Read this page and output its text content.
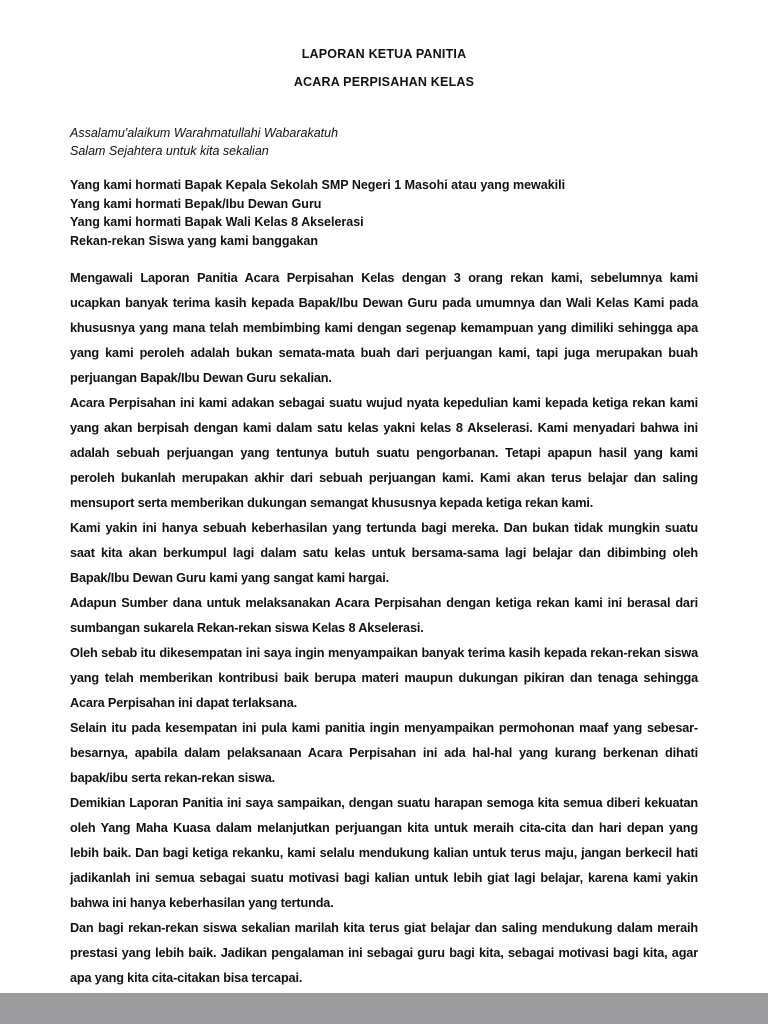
LAPORAN KETUA PANITIA
ACARA PERPISAHAN KELAS

Assalamu'alaikum Warahmatullahi Wabarakatuh

Salam Sejahtera untuk kita sekalian

Yang kami hormati Bapak Kepala Sekolah SMP Negeri 1 Masohi atau yang mewakili

Yang kami hormati Bepak/Ibu Dewan Guru

Yang kami hormati Bapak Wali Kelas 8 Akselerasi

Rekan-rekan Siswa yang kami banggakan

Mengawali Laporan Panitia Acara Perpisahan Kelas dengan 3 orang rekan kami, sebelumnya kami ucapkan banyak terima kasih kepada Bapak/Ibu Dewan Guru pada umumnya dan Wali Kelas Kami pada khususnya yang mana telah membimbing kami dengan segenap kemampuan yang dimiliki sehingga apa yang kami peroleh adalah bukan semata-mata buah dari perjuangan kami, tapi juga merupakan buah perjuangan Bapak/Ibu Dewan Guru sekalian.

Acara Perpisahan ini kami adakan sebagai suatu wujud nyata kepedulian kami kepada ketiga rekan kami yang akan berpisah dengan kami dalam satu kelas yakni kelas 8 Akselerasi. Kami menyadari bahwa ini adalah sebuah perjuangan yang tentunya butuh suatu pengorbanan. Tetapi apapun hasil yang kami peroleh bukanlah merupakan akhir dari sebuah perjuangan kami. Kami akan terus belajar dan saling mensuport serta memberikan dukungan semangat khususnya kepada ketiga rekan kami.

Kami yakin ini hanya sebuah keberhasilan yang tertunda bagi mereka. Dan bukan tidak mungkin suatu saat kita akan berkumpul lagi dalam satu kelas untuk bersama-sama lagi belajar dan dibimbing oleh Bapak/Ibu Dewan Guru kami yang sangat kami hargai.

Adapun Sumber dana untuk melaksanakan Acara Perpisahan dengan ketiga rekan kami ini berasal dari sumbangan sukarela Rekan-rekan siswa Kelas 8 Akselerasi.

Oleh sebab itu dikesempatan ini saya ingin menyampaikan banyak terima kasih kepada rekan-rekan siswa yang telah memberikan kontribusi baik berupa materi maupun dukungan pikiran dan tenaga sehingga Acara Perpisahan ini dapat terlaksana.

Selain itu pada kesempatan ini pula kami panitia ingin menyampaikan permohonan maaf yang sebesar-besarnya, apabila dalam pelaksanaan Acara Perpisahan ini ada hal-hal yang kurang berkenan dihati bapak/ibu serta rekan-rekan siswa.

Demikian Laporan Panitia ini saya sampaikan, dengan suatu harapan semoga kita semua diberi kekuatan oleh Yang Maha Kuasa dalam melanjutkan perjuangan kita untuk meraih cita-cita dan hari depan yang lebih baik. Dan bagi ketiga rekanku, kami selalu mendukung kalian untuk terus maju, jangan berkecil hati jadikanlah ini semua sebagai suatu motivasi bagi kalian untuk lebih giat lagi belajar, karena kami yakin bahwa ini hanya keberhasilan yang tertunda.

Dan bagi rekan-rekan siswa sekalian marilah kita terus giat belajar dan saling mendukung dalam meraih prestasi yang lebih baik. Jadikan pengalaman ini sebagai guru bagi kita, sebagai motivasi bagi kita, agar apa yang kita cita-citakan bisa tercapai.
